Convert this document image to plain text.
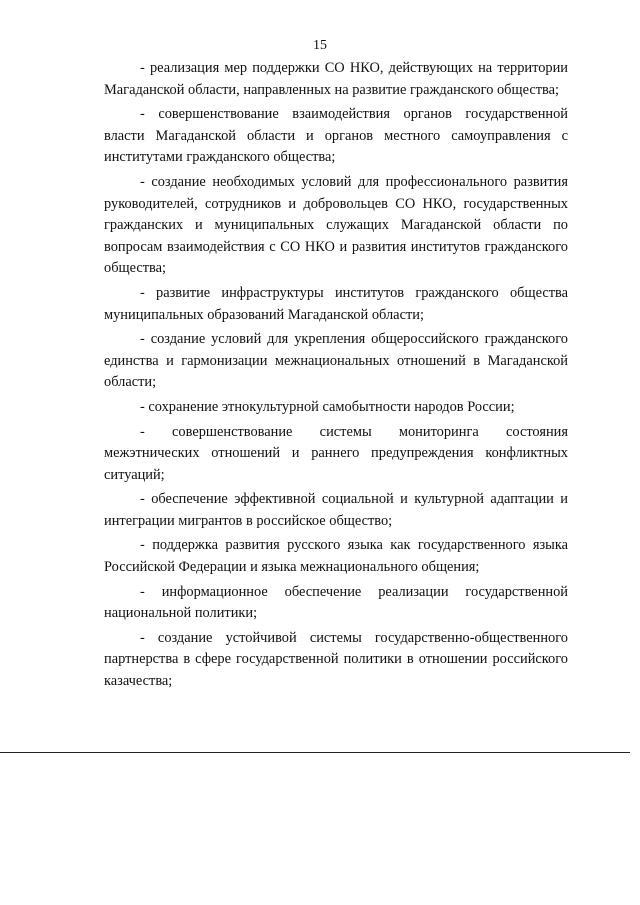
15

- реализация мер поддержки СО НКО, действующих на территории Магаданской области, направленных на развитие гражданского общества;

- совершенствование взаимодействия органов государственной власти Магаданской области и органов местного самоуправления с институтами гражданского общества;

- создание необходимых условий для профессионального развития руководителей, сотрудников и добровольцев СО НКО, государственных гражданских и муниципальных служащих Магаданской области по вопросам взаимодействия с СО НКО и развития институтов гражданского общества;

- развитие инфраструктуры институтов гражданского общества муниципальных образований Магаданской области;

- создание условий для укрепления общероссийского гражданского единства и гармонизации межнациональных отношений в Магаданской области;

- сохранение этнокультурной самобытности народов России;

- совершенствование системы мониторинга состояния межэтнических отношений и раннего предупреждения конфликтных ситуаций;

- обеспечение эффективной социальной и культурной адаптации и интеграции мигрантов в российское общество;

- поддержка развития русского языка как государственного языка Российской Федерации и языка межнационального общения;

- информационное обеспечение реализации государственной национальной политики;

- создание устойчивой системы государственно-общественного партнерства в сфере государственной политики в отношении российского казачества;
